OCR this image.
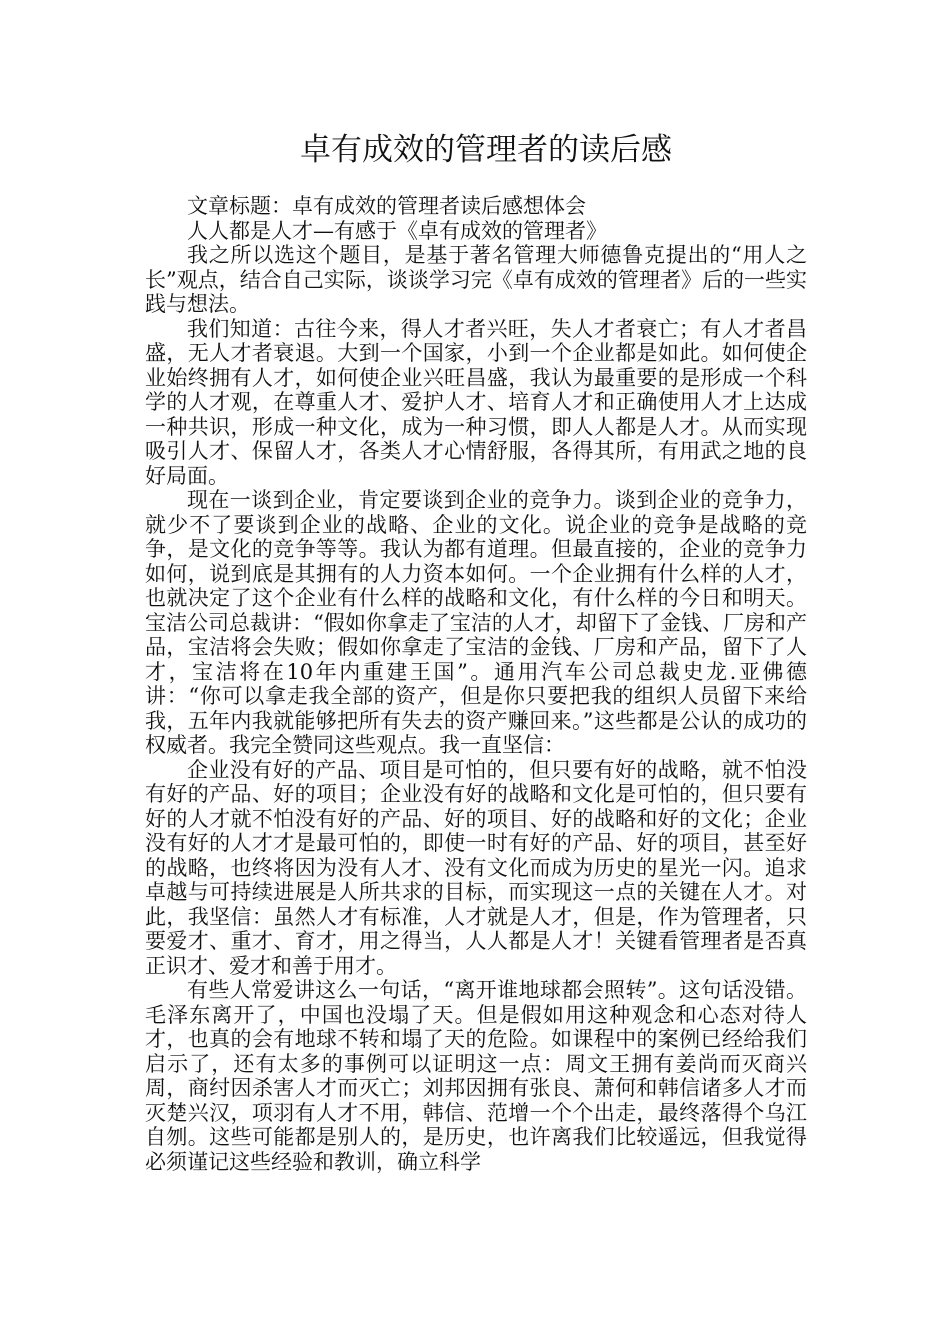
卓有成效的管理者的读后感

文章标题：卓有成效的管理者读后感想体会

人人都是人才—有感于《卓有成效的管理者》

我之所以选这个题目，是基于著名管理大师德鲁克提出的“用人之长”观点，结合自己实际，谈谈学习完《卓有成效的管理者》后的一些实践与想法。

我们知道：古往今来，得人才者兴旺，失人才者衰亡；有人才者昌盛，无人才者衰退。大到一个国家，小到一个企业都是如此。如何使企业始终拥有人才，如何使企业兴旺昌盛，我认为最重要的是形成一个科学的人才观，在尊重人才、爱护人才、培育人才和正确使用人才上达成一种共识，形成一种文化，成为一种习惯，即人人都是人才。从而实现吸引人才、保留人才，各类人才心情舒服，各得其所，有用武之地的良好局面。

现在一谈到企业，肯定要谈到企业的竞争力。谈到企业的竞争力，就少不了要谈到企业的战略、企业的文化。说企业的竞争是战略的竞争，是文化的竞争等等。我认为都有道理。但最直接的，企业的竞争力如何，说到底是其拥有的人力资本如何。一个企业拥有什么样的人才，也就决定了这个企业有什么样的战略和文化，有什么样的今日和明天。宝洁公司总裁讲：“假如你拿走了宝洁的人才，却留下了金钱、厂房和产品，宝洁将会失败；假如你拿走了宝洁的金钱、厂房和产品，留下了人才，宝洁将在10年内重建王国”。通用汽车公司总裁史龙.亚佛德讲：“你可以拿走我全部的资产，但是你只要把我的组织人员留下来给我，五年内我就能够把所有失去的资产赚回来。”这些都是公认的成功的权威者。我完全赞同这些观点。我一直坚信：

企业没有好的产品、项目是可怕的，但只要有好的战略，就不怕没有好的产品、好的项目；企业没有好的战略和文化是可怕的，但只要有好的人才就不怕没有好的产品、好的项目、好的战略和好的文化；企业没有好的人才才是最可怕的，即使一时有好的产品、好的项目，甚至好的战略，也终将因为没有人才、没有文化而成为历史的星光一闪。追求卓越与可持续进展是人所共求的目标，而实现这一点的关键在人才。对此，我坚信：虽然人才有标准，人才就是人才，但是，作为管理者，只要爱才、重才、育才，用之得当，人人都是人才！关键看管理者是否真正识才、爱才和善于用才。

有些人常爱讲这么一句话，“离开谁地球都会照转”。这句话没错。毛泽东离开了，中国也没塌了天。但是假如用这种观念和心态对待人才，也真的会有地球不转和塌了天的危险。如课程中的案例已经给我们启示了，还有太多的事例可以证明这一点：周文王拥有姜尚而灭商兴周，商纣因杀害人才而灭亡；刘邦因拥有张良、萧何和韩信诸多人才而灭楚兴汉，项羽有人才不用，韩信、范增一个个出走，最终落得个乌江自刎。这些可能都是别人的，是历史，也许离我们比较遥远，但我觉得必须谨记这些经验和教训，确立科学
